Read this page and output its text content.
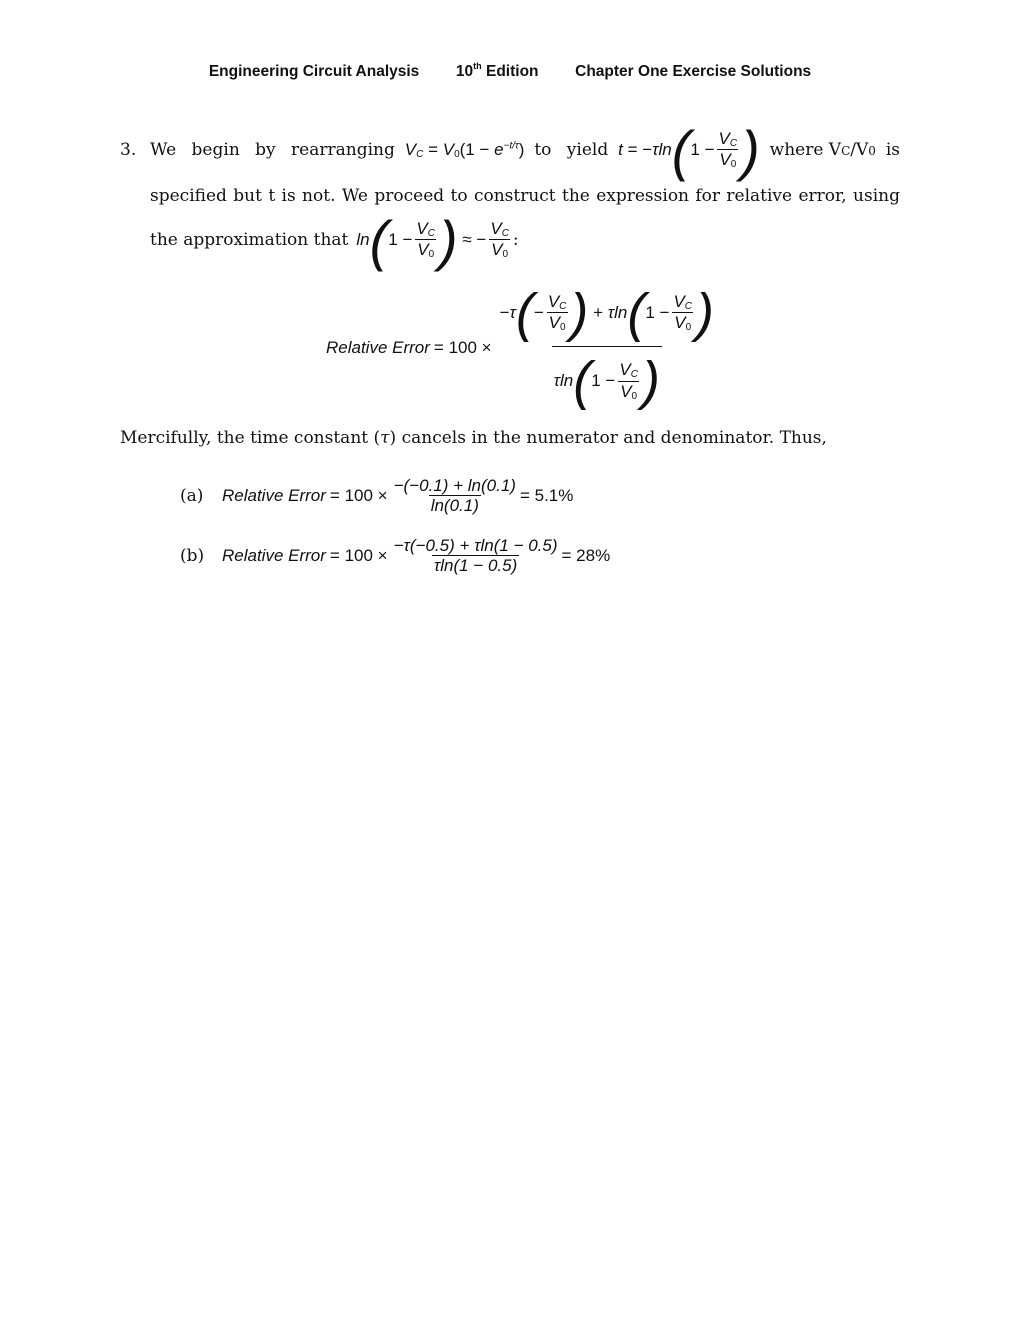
Engineering Circuit Analysis 10th Edition Chapter One Exercise Solutions
3. We begin by rearranging VC = $V0(1 - e^{-t/\tau})$ to yield t = − τln ( $1 - \frac{VC}{V0}$ ) where VC/V0 is
specified but t is not. We proceed to construct the expression for relative error, using
the approximation that ln ( $1 - \frac{VC}{V0}$ ) ≈ − $\frac{VC}{V0}$ :
Relative Error = $100 \times \frac{- \tau ( - \frac{VC}{V0} ) + \tau\ln ( 1 - \frac{VC}{V0} )}{\tau\ln ( 1 - \frac{VC}{V0} )}$
Mercifully, the time constant (τ) cancels in the numerator and denominator. Thus,
(a)	Relative Error = $100 \times \frac{-(-0.1) + \ln(0.1)}{\ln(0.1)} = 5.1\%$
(b)	Relative Error = $100 \times \frac{-\tau(-0.5) + \tau\ln(1 - 0.5)}{\tau\ln(1 - 0.5)} = 28\%$
